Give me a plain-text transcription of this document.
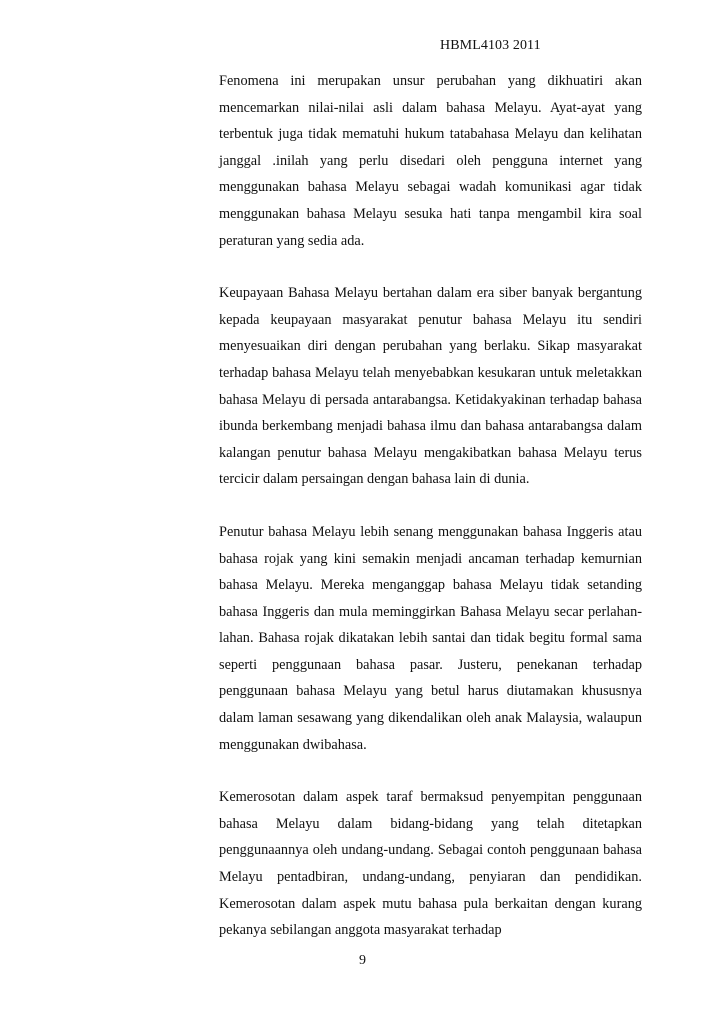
HBML4103 2011

Fenomena ini merupakan unsur perubahan yang dikhuatiri akan mencemarkan nilai-nilai asli dalam bahasa Melayu. Ayat-ayat yang terbentuk juga tidak mematuhi hukum tatabahasa Melayu dan kelihatan janggal .inilah yang perlu disedari oleh pengguna internet yang menggunakan bahasa Melayu sebagai wadah komunikasi agar tidak menggunakan bahasa Melayu sesuka hati tanpa mengambil kira soal peraturan yang sedia ada.

Keupayaan Bahasa Melayu bertahan dalam era siber banyak bergantung kepada keupayaan masyarakat penutur bahasa Melayu itu sendiri menyesuaikan diri dengan perubahan yang berlaku. Sikap masyarakat terhadap bahasa Melayu telah menyebabkan kesukaran untuk meletakkan bahasa Melayu di persada antarabangsa. Ketidakyakinan terhadap bahasa ibunda berkembang menjadi bahasa ilmu dan bahasa antarabangsa dalam kalangan penutur bahasa Melayu mengakibatkan bahasa Melayu terus tercicir dalam persaingan dengan bahasa lain di dunia.

Penutur bahasa Melayu lebih senang menggunakan bahasa Inggeris atau bahasa rojak yang kini semakin menjadi ancaman terhadap kemurnian bahasa Melayu. Mereka menganggap bahasa Melayu tidak setanding bahasa Inggeris dan mula meminggirkan Bahasa Melayu secar perlahan-lahan. Bahasa rojak dikatakan lebih santai dan tidak begitu formal sama seperti penggunaan bahasa pasar. Justeru, penekanan terhadap penggunaan bahasa Melayu yang betul harus diutamakan khususnya dalam laman sesawang yang dikendalikan oleh anak Malaysia, walaupun menggunakan dwibahasa.

Kemerosotan dalam aspek taraf bermaksud penyempitan penggunaan bahasa Melayu dalam bidang-bidang yang telah ditetapkan penggunaannya oleh undang-undang. Sebagai contoh penggunaan bahasa Melayu pentadbiran, undang-undang, penyiaran dan pendidikan. Kemerosotan dalam aspek mutu bahasa pula berkaitan dengan kurang pekanya sebilangan anggota masyarakat terhadap

9
